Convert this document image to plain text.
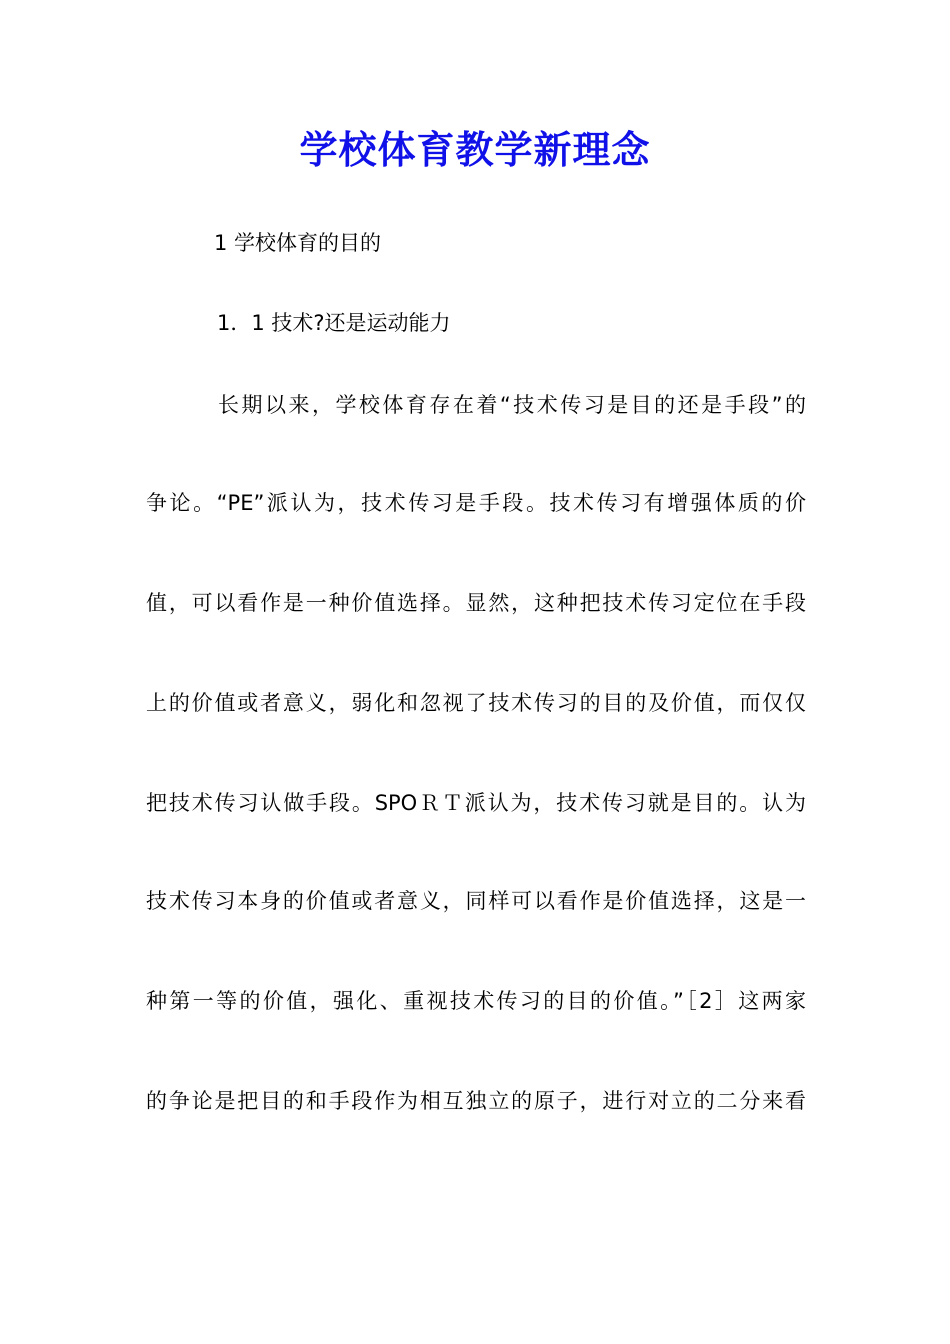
学校体育教学新理念
1 学校体育的目的
1．1 技术?还是运动能力
长期以来，学校体育存在着“技术传习是目的还是手段”的
争论。“PE”派认为，技术传习是手段。技术传习有增强体质的价
值，可以看作是一种价值选择。显然，这种把技术传习定位在手段
上的价值或者意义，弱化和忽视了技术传习的目的及价值，而仅仅
把技术传习认做手段。SPOＲＴ派认为，技术传习就是目的。认为
技术传习本身的价值或者意义，同样可以看作是价值选择，这是一
种第一等的价值，强化、重视技术传习的目的价值。”［2］这两家
的争论是把目的和手段作为相互独立的原子，进行对立的二分来看
